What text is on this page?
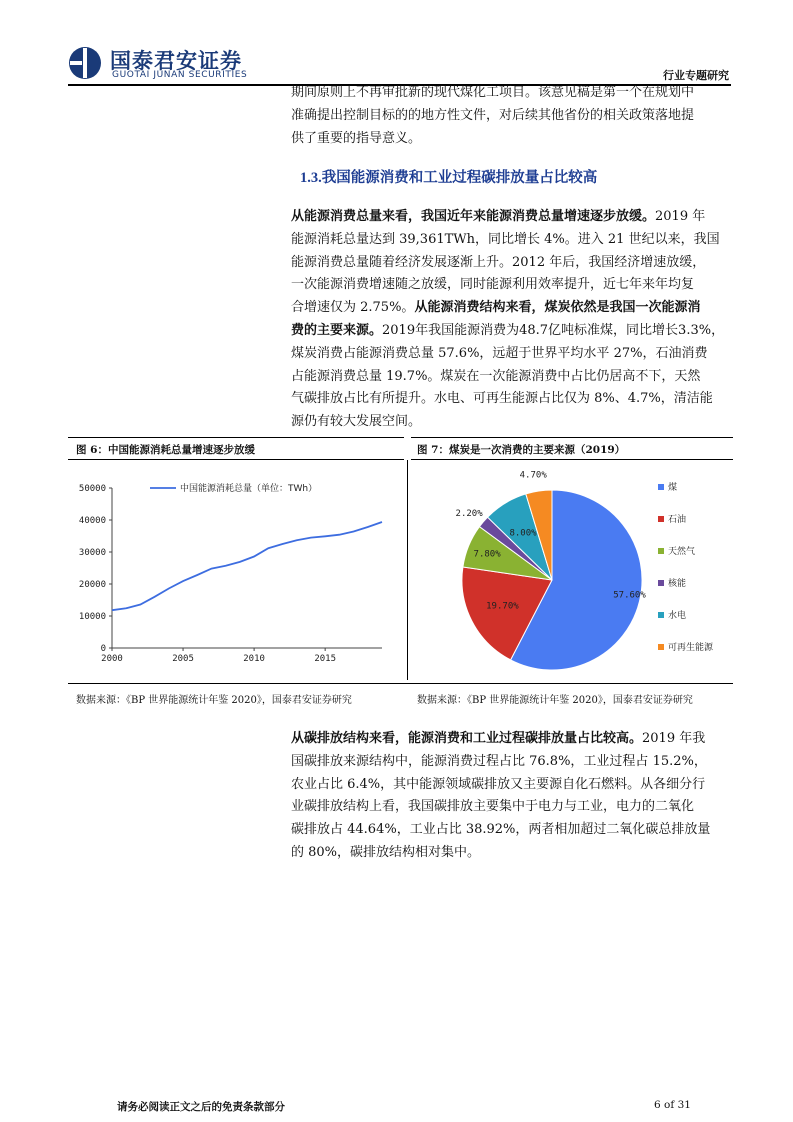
国泰君安证券
GUOTAI JUNAN SECURITIES	行业专题研究
期间原则上不再审批新的现代煤化工项目。该意见稿是第一个在规划中
准确提出控制目标的的地方性文件，对后续其他省份的相关政策落地提
供了重要的指导意义。
1.3.我国能源消费和工业过程碳排放量占比较高
从能源消费总量来看，我国近年来能源消费总量增速逐步放缓。2019 年
能源消耗总量达到 39,361TWh，同比增长 4%。进入 21 世纪以来，我国
能源消费总量随着经济发展逐渐上升。2012 年后，我国经济增速放缓，
一次能源消费增速随之放缓，同时能源利用效率提升，近七年来年均复
合增速仅为 2.75%。从能源消费结构来看，煤炭依然是我国一次能源消
费的主要来源。2019年我国能源消费为48.7亿吨标准煤，同比增长3.3%，
煤炭消费占能源消费总量 57.6%，远超于世界平均水平 27%，石油消费
占能源消费总量 19.7%。煤炭在一次能源消费中占比仍居高不下，天然
气碳排放占比有所提升。水电、可再生能源占比仅为 8%、4.7%，清洁能
源仍有较大发展空间。
图 6：中国能源消耗总量增速逐步放缓	图 7：煤炭是一次消费的主要来源（2019）
0
10000
20000
30000
40000
50000
2000	2005	2010	2015
中国能源消耗总量（单位：TWh）
57.60%
19.70%
7.80%
2.20%
8.00%
4.70%
煤
石油
天然气
核能
水电
可再生能源
数据来源：《BP 世界能源统计年鉴 2020》，国泰君安证券研究	数据来源：《BP 世界能源统计年鉴 2020》，国泰君安证券研究
从碳排放结构来看，能源消费和工业过程碳排放量占比较高。2019 年我
国碳排放来源结构中，能源消费过程占比 76.8%，工业过程占 15.2%，
农业占比 6.4%，其中能源领域碳排放又主要源自化石燃料。从各细分行
业碳排放结构上看，我国碳排放主要集中于电力与工业，电力的二氧化
碳排放占 44.64%，工业占比 38.92%，两者相加超过二氧化碳总排放量
的 80%，碳排放结构相对集中。
请务必阅读正文之后的免责条款部分	6 of 31
